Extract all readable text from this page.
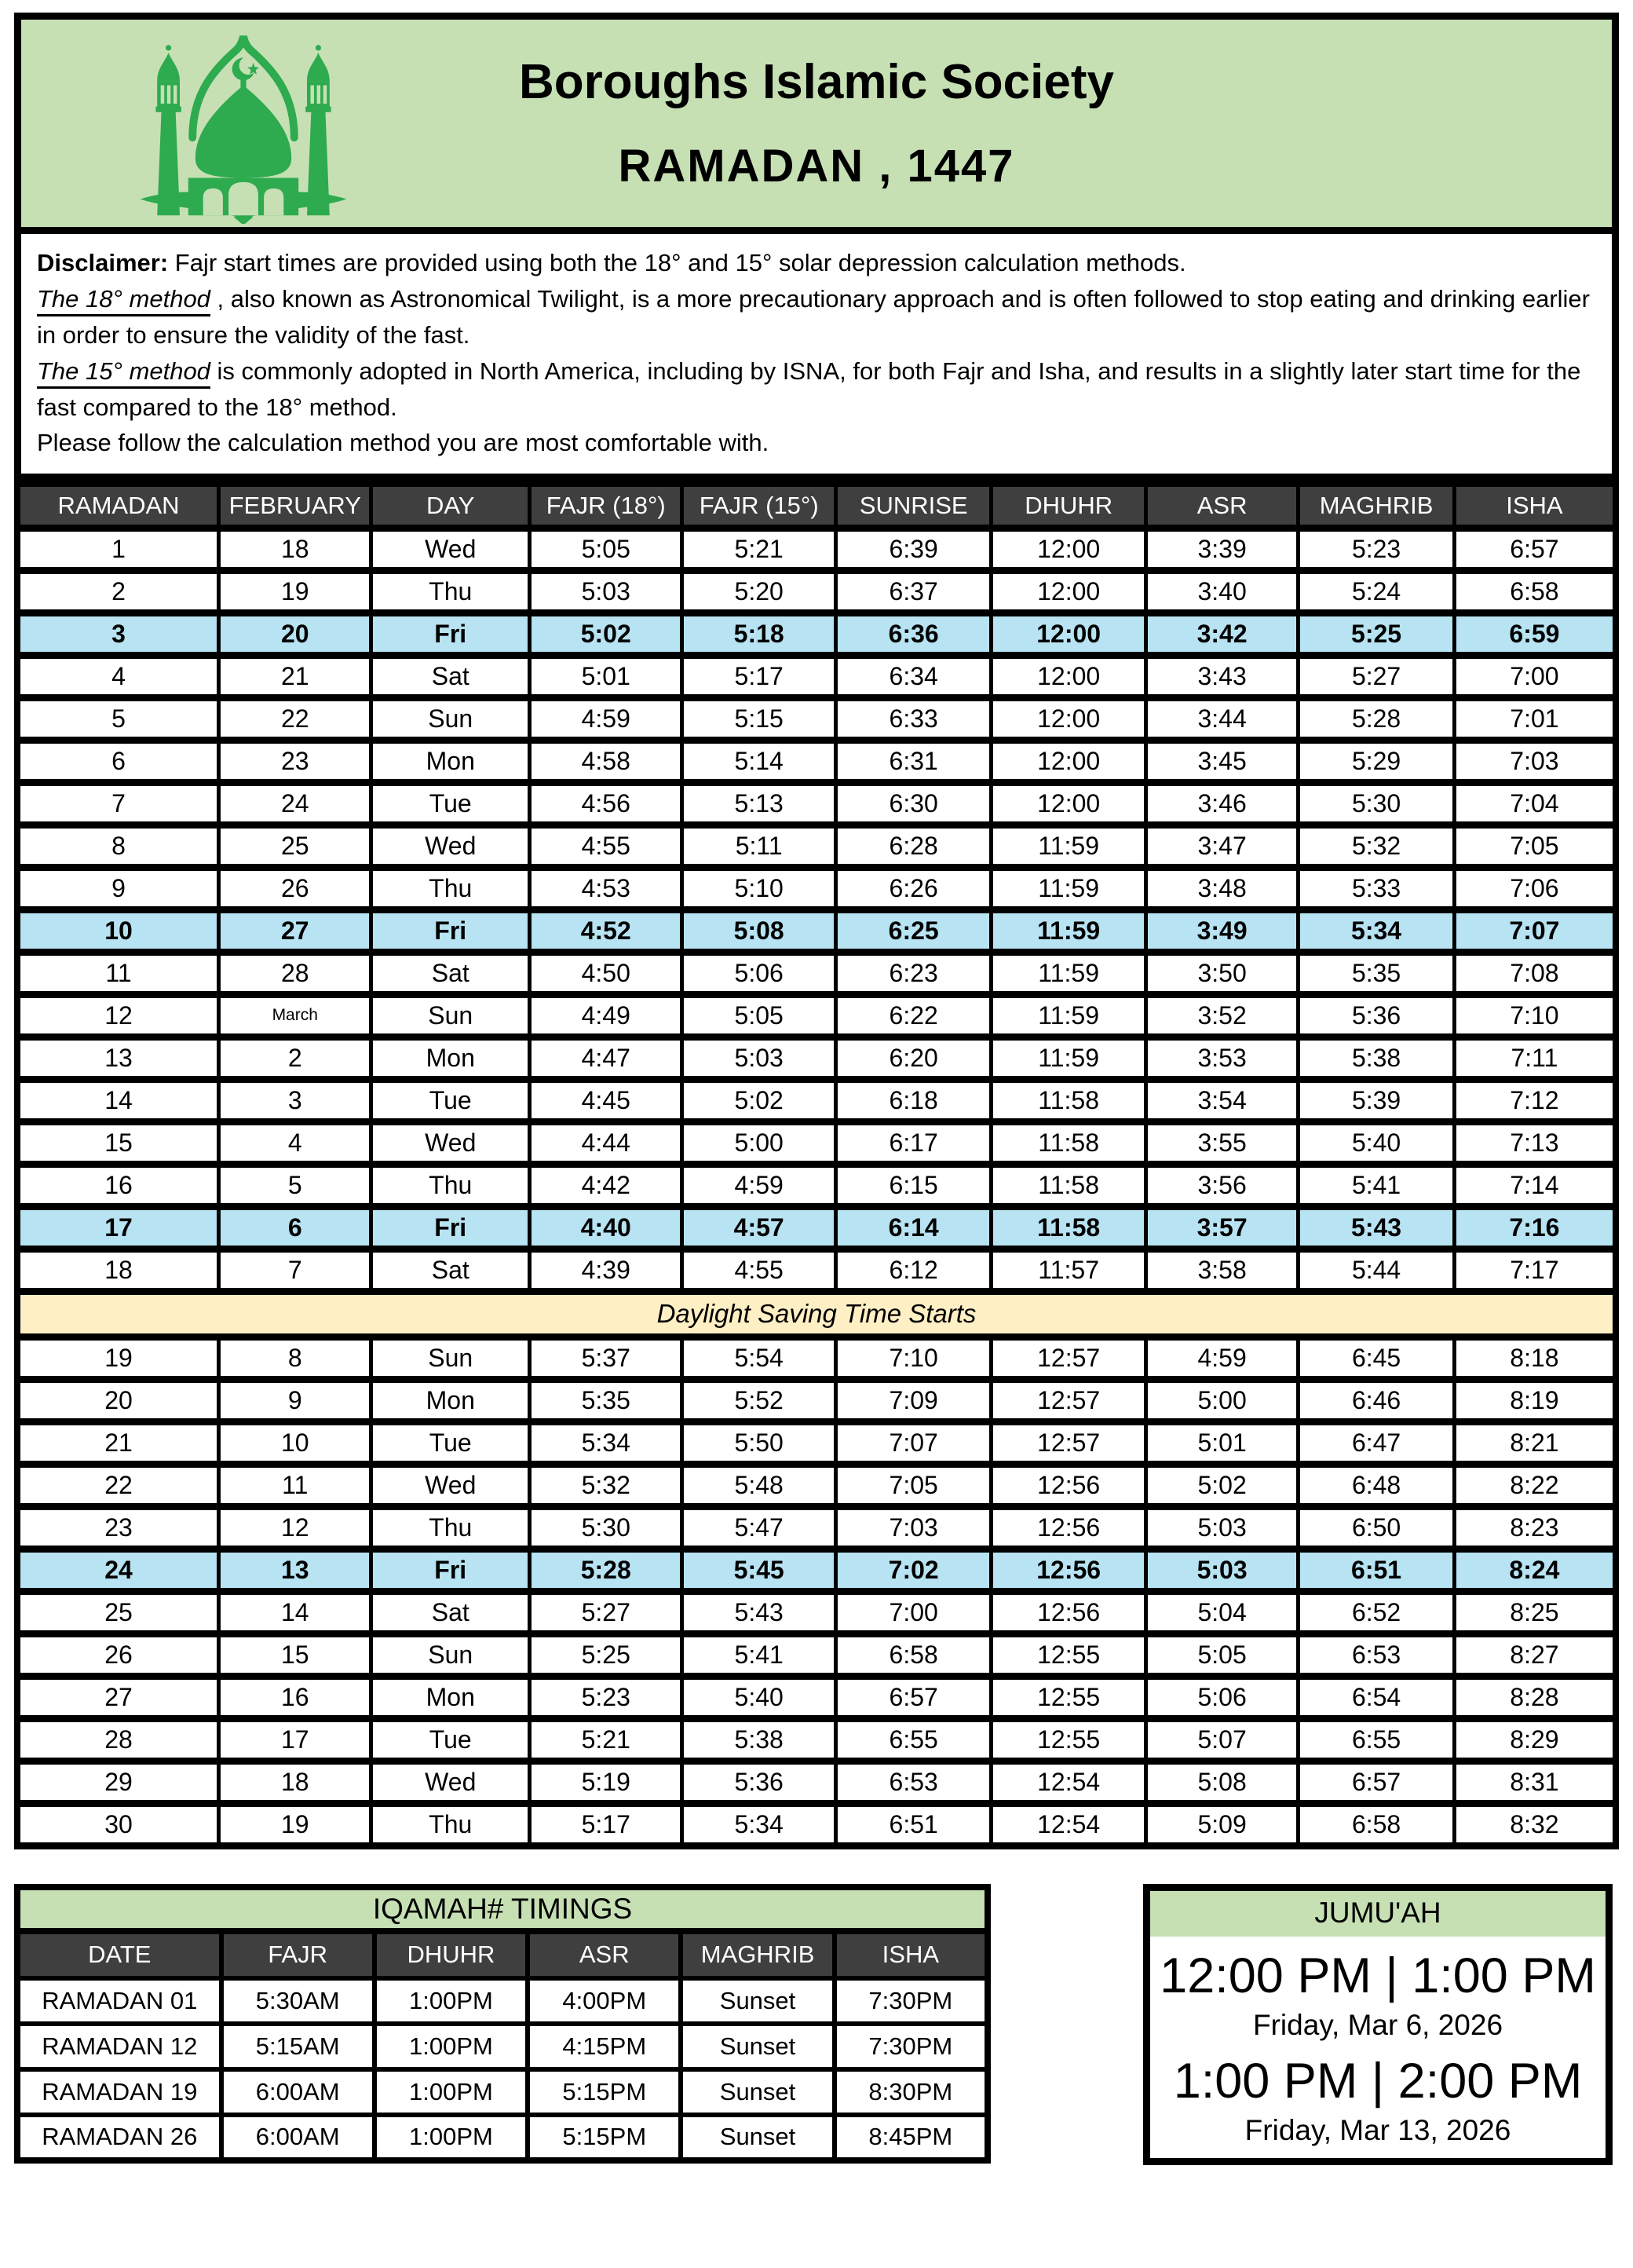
Boroughs Islamic Society
RAMADAN , 1447

Disclaimer: Fajr start times are provided using both the 18° and 15° solar depression calculation methods.

The 18° method , also known as Astronomical Twilight, is a more precautionary approach and is often followed to stop eating and drinking earlier in order to ensure the validity of the fast.

The 15° method is commonly adopted in North America, including by ISNA, for both Fajr and Isha, and results in a slightly later start time for the fast compared to the 18° method.

Please follow the calculation method you are most comfortable with.

RAMADAN	FEBRUARY	DAY	FAJR (18°)	FAJR (15°)	SUNRISE	DHUHR	ASR	MAGHRIB	ISHA
1	18	Wed	5:05	5:21	6:39	12:00	3:39	5:23	6:57
2	19	Thu	5:03	5:20	6:37	12:00	3:40	5:24	6:58
3	20	Fri	5:02	5:18	6:36	12:00	3:42	5:25	6:59
4	21	Sat	5:01	5:17	6:34	12:00	3:43	5:27	7:00
5	22	Sun	4:59	5:15	6:33	12:00	3:44	5:28	7:01
6	23	Mon	4:58	5:14	6:31	12:00	3:45	5:29	7:03
7	24	Tue	4:56	5:13	6:30	12:00	3:46	5:30	7:04
8	25	Wed	4:55	5:11	6:28	11:59	3:47	5:32	7:05
9	26	Thu	4:53	5:10	6:26	11:59	3:48	5:33	7:06
10	27	Fri	4:52	5:08	6:25	11:59	3:49	5:34	7:07
11	28	Sat	4:50	5:06	6:23	11:59	3:50	5:35	7:08
12	March	Sun	4:49	5:05	6:22	11:59	3:52	5:36	7:10
13	2	Mon	4:47	5:03	6:20	11:59	3:53	5:38	7:11
14	3	Tue	4:45	5:02	6:18	11:58	3:54	5:39	7:12
15	4	Wed	4:44	5:00	6:17	11:58	3:55	5:40	7:13
16	5	Thu	4:42	4:59	6:15	11:58	3:56	5:41	7:14
17	6	Fri	4:40	4:57	6:14	11:58	3:57	5:43	7:16
18	7	Sat	4:39	4:55	6:12	11:57	3:58	5:44	7:17
Daylight Saving Time Starts									
19	8	Sun	5:37	5:54	7:10	12:57	4:59	6:45	8:18
20	9	Mon	5:35	5:52	7:09	12:57	5:00	6:46	8:19
21	10	Tue	5:34	5:50	7:07	12:57	5:01	6:47	8:21
22	11	Wed	5:32	5:48	7:05	12:56	5:02	6:48	8:22
23	12	Thu	5:30	5:47	7:03	12:56	5:03	6:50	8:23
24	13	Fri	5:28	5:45	7:02	12:56	5:03	6:51	8:24
25	14	Sat	5:27	5:43	7:00	12:56	5:04	6:52	8:25
26	15	Sun	5:25	5:41	6:58	12:55	5:05	6:53	8:27
27	16	Mon	5:23	5:40	6:57	12:55	5:06	6:54	8:28
28	17	Tue	5:21	5:38	6:55	12:55	5:07	6:55	8:29
29	18	Wed	5:19	5:36	6:53	12:54	5:08	6:57	8:31
30	19	Thu	5:17	5:34	6:51	12:54	5:09	6:58	8:32
IQAMAH# TIMINGS					
DATE	FAJR	DHUHR	ASR	MAGHRIB	ISHA
RAMADAN 01	5:30AM	1:00PM	4:00PM	Sunset	7:30PM
RAMADAN 12	5:15AM	1:00PM	4:15PM	Sunset	7:30PM
RAMADAN 19	6:00AM	1:00PM	5:15PM	Sunset	8:30PM
RAMADAN 26	6:00AM	1:00PM	5:15PM	Sunset	8:45PM
JUMU'AH
12:00 PM | 1:00 PM
Friday, Mar 6, 2026
1:00 PM | 2:00 PM
Friday, Mar 13, 2026
